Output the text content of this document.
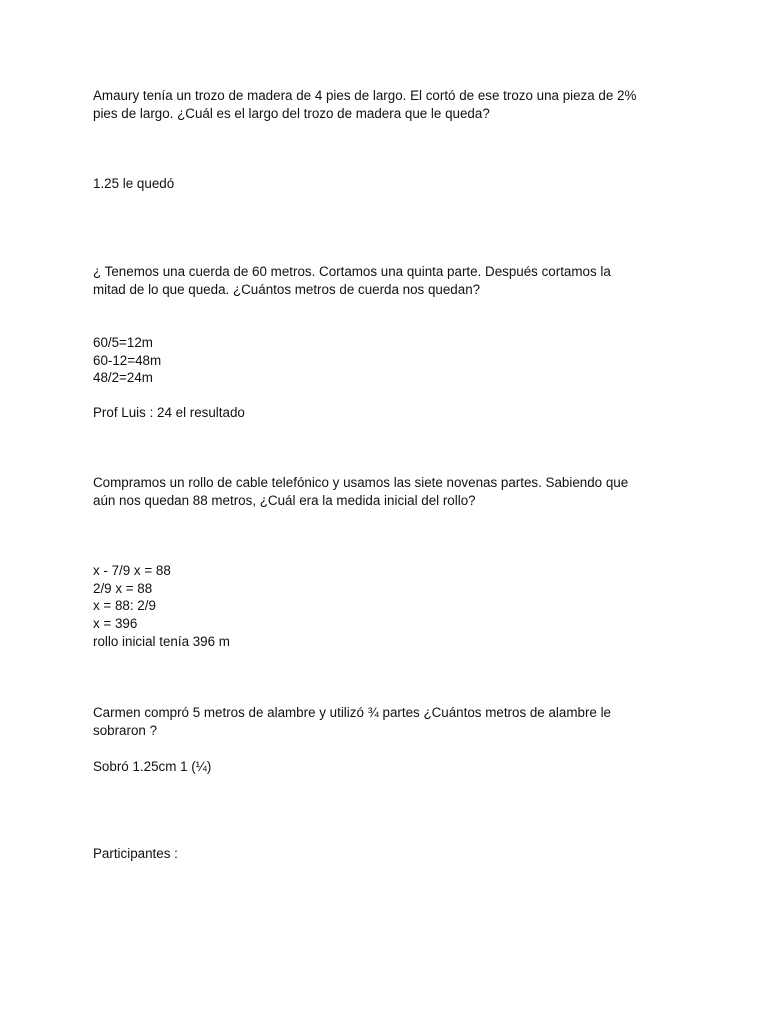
Amaury tenía un trozo de madera de 4 pies de largo. El cortó de ese trozo una pieza de 2%
pies de largo. ¿Cuál es el largo del trozo de madera que le queda?
1.25 le quedó
¿ Tenemos una cuerda de 60 metros. Cortamos una quinta parte. Después cortamos la
mitad de lo que queda. ¿Cuántos metros de cuerda nos quedan?
60/5=12m
60-12=48m
48/2=24m
Prof Luis : 24 el resultado
Compramos un rollo de cable telefónico y usamos las siete novenas partes. Sabiendo que
aún nos quedan 88 metros, ¿Cuál era la medida inicial del rollo?
x - 7/9 x = 88
2/9 x = 88
x = 88: 2/9
x = 396
rollo inicial tenía 396 m
Carmen compró 5 metros de alambre y utilizó ¾ partes ¿Cuántos metros de alambre le
sobraron ?
Sobró 1.25cm 1 (¼)
Participantes :
